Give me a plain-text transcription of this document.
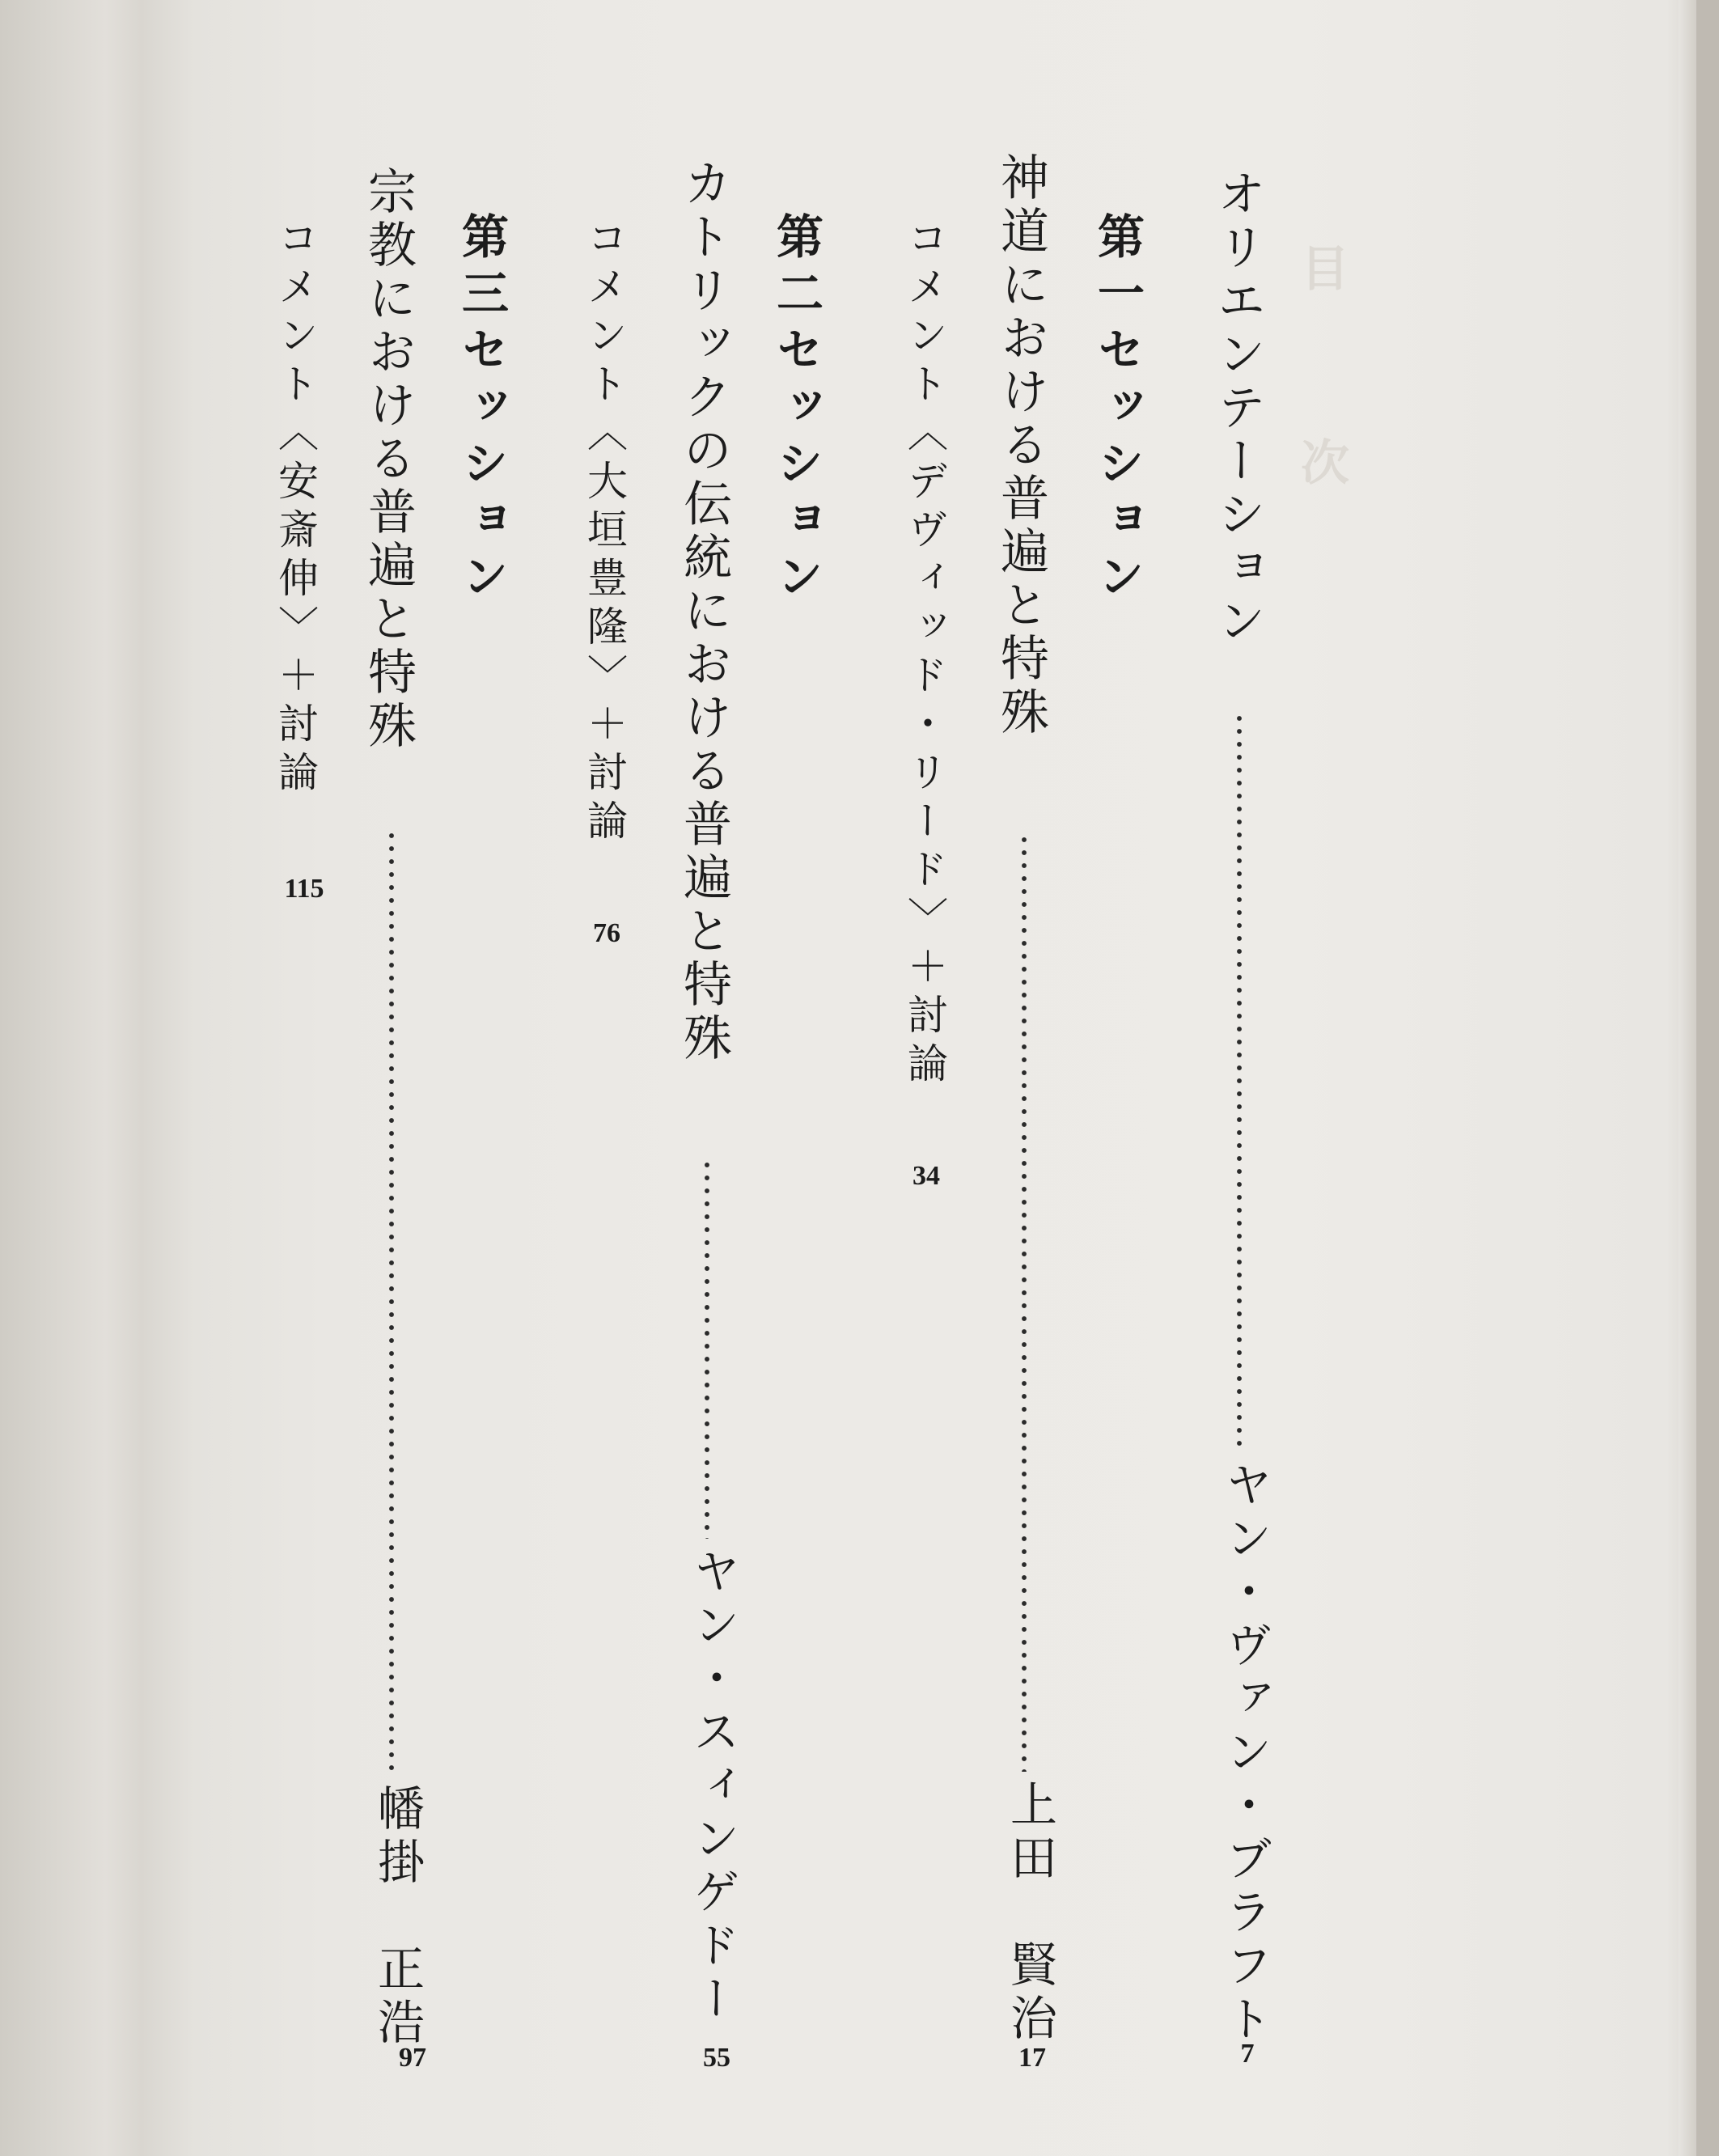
目次
オリエンテーション
ヤン・ヴァン・ブラフト
7
第一セッション
神道における普遍と特殊
上田　賢治
17
コメント〈デヴィッド・リード〉＋討論
34
第二セッション
カトリックの伝統における普遍と特殊
ヤン・スィンゲドー
55
コメント〈大垣豊隆〉＋討論
76
第三セッション
宗教における普遍と特殊
幡掛　正浩
97
コメント〈安斎伸〉＋討論
115
